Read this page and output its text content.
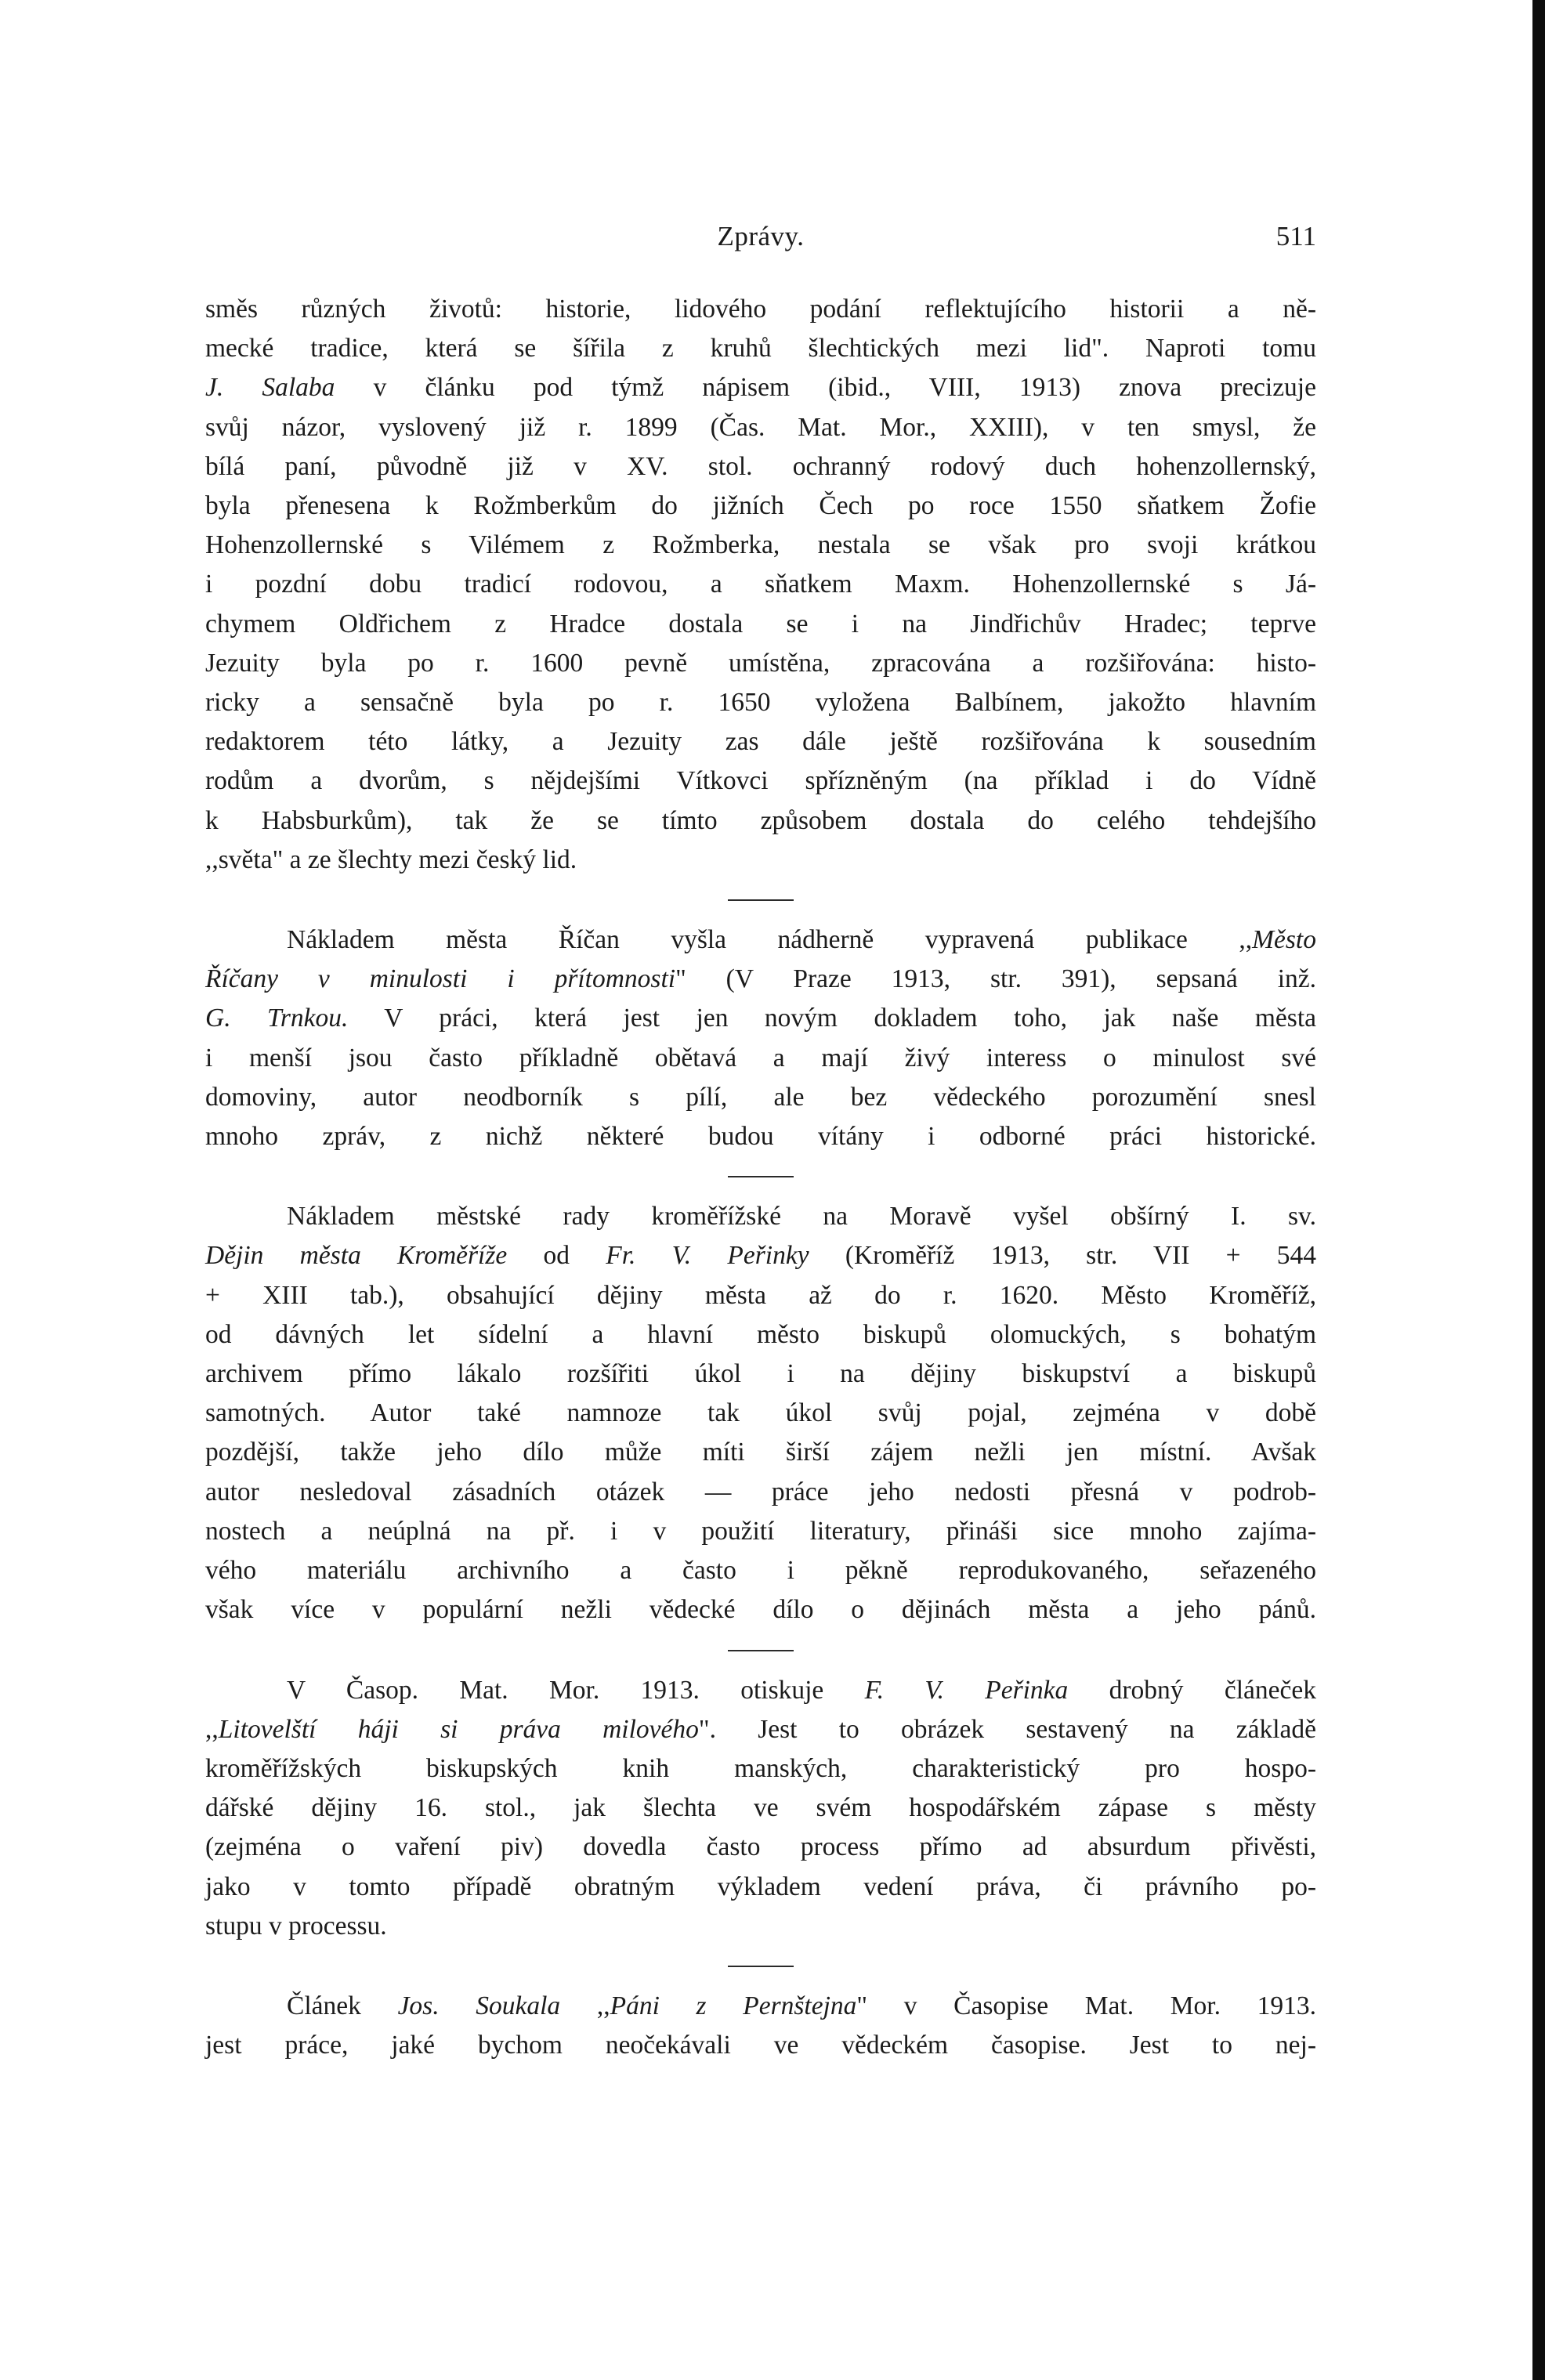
Zprávy.	511
směs různých životů: historie, lidového podání reflektujícího historii a ně-
mecké tradice, která se šířila z kruhů šlechtických mezi lid". Naproti tomu
J. Salaba v článku pod týmž nápisem (ibid., VIII, 1913) znova precizuje
svůj názor, vyslovený již r. 1899 (Čas. Mat. Mor., XXIII), v ten smysl, že
bílá paní, původně již v XV. stol. ochranný rodový duch hohenzollernský,
byla přenesena k Rožmberkům do jižních Čech po roce 1550 sňatkem Žofie
Hohenzollernské s Vilémem z Rožmberka, nestala se však pro svoji krátkou
i pozdní dobu tradicí rodovou, a sňatkem Maxm. Hohenzollernské s Já-
chymem Oldřichem z Hradce dostala se i na Jindřichův Hradec; teprve
Jezuity byla po r. 1600 pevně umístěna, zpracována a rozšiřována: histo-
ricky a sensačně byla po r. 1650 vyložena Balbínem, jakožto hlavním
redaktorem této látky, a Jezuity zas dále ještě rozšiřována k sousedním
rodům a dvorům, s nějdejšími Vítkovci spřízněným (na příklad i do Vídně
k Habsburkům), tak že se tímto způsobem dostala do celého tehdejšího
,,světa" a ze šlechty mezi český lid.
Nákladem města Říčan vyšla nádherně vypravená publikace ,,Město
Říčany v minulosti i přítomnosti" (V Praze 1913, str. 391), sepsaná inž.
G. Trnkou. V práci, která jest jen novým dokladem toho, jak naše města
i menší jsou často příkladně obětavá a mají živý interess o minulost své
domoviny, autor neodborník s pílí, ale bez vědeckého porozumění snesl
mnoho zpráv, z nichž některé budou vítány i odborné práci historické.
Nákladem městské rady kroměřížské na Moravě vyšel obšírný I. sv.
Dějin města Kroměříže od Fr. V. Peřinky (Kroměříž 1913, str. VII + 544
+ XIII tab.), obsahující dějiny města až do r. 1620. Město Kroměříž,
od dávných let sídelní a hlavní město biskupů olomuckých, s bohatým
archivem přímo lákalo rozšířiti úkol i na dějiny biskupství a biskupů
samotných. Autor také namnoze tak úkol svůj pojal, zejména v době
pozdější, takže jeho dílo může míti širší zájem nežli jen místní. Avšak
autor nesledoval zásadních otázek — práce jeho nedosti přesná v podrob-
nostech a neúplná na př. i v použití literatury, přináši sice mnoho zajíma-
vého materiálu archivního a často i pěkně reprodukovaného, seřazeného
však více v populární nežli vědecké dílo o dějinách města a jeho pánů.
V Časop. Mat. Mor. 1913. otiskuje F. V. Peřinka drobný článeček
,,Litovelští háji si práva milového". Jest to obrázek sestavený na základě
kroměřížských biskupských knih manských, charakteristický pro hospo-
dářské dějiny 16. stol., jak šlechta ve svém hospodářském zápase s městy
(zejména o vaření piv) dovedla často process přímo ad absurdum přivěsti,
jako v tomto případě obratným výkladem vedení práva, či právního po-
stupu v processu.
Článek Jos. Soukala ,,Páni z Pernštejna" v Časopise Mat. Mor. 1913.
jest práce, jaké bychom neočekávali ve vědeckém časopise. Jest to nej-
